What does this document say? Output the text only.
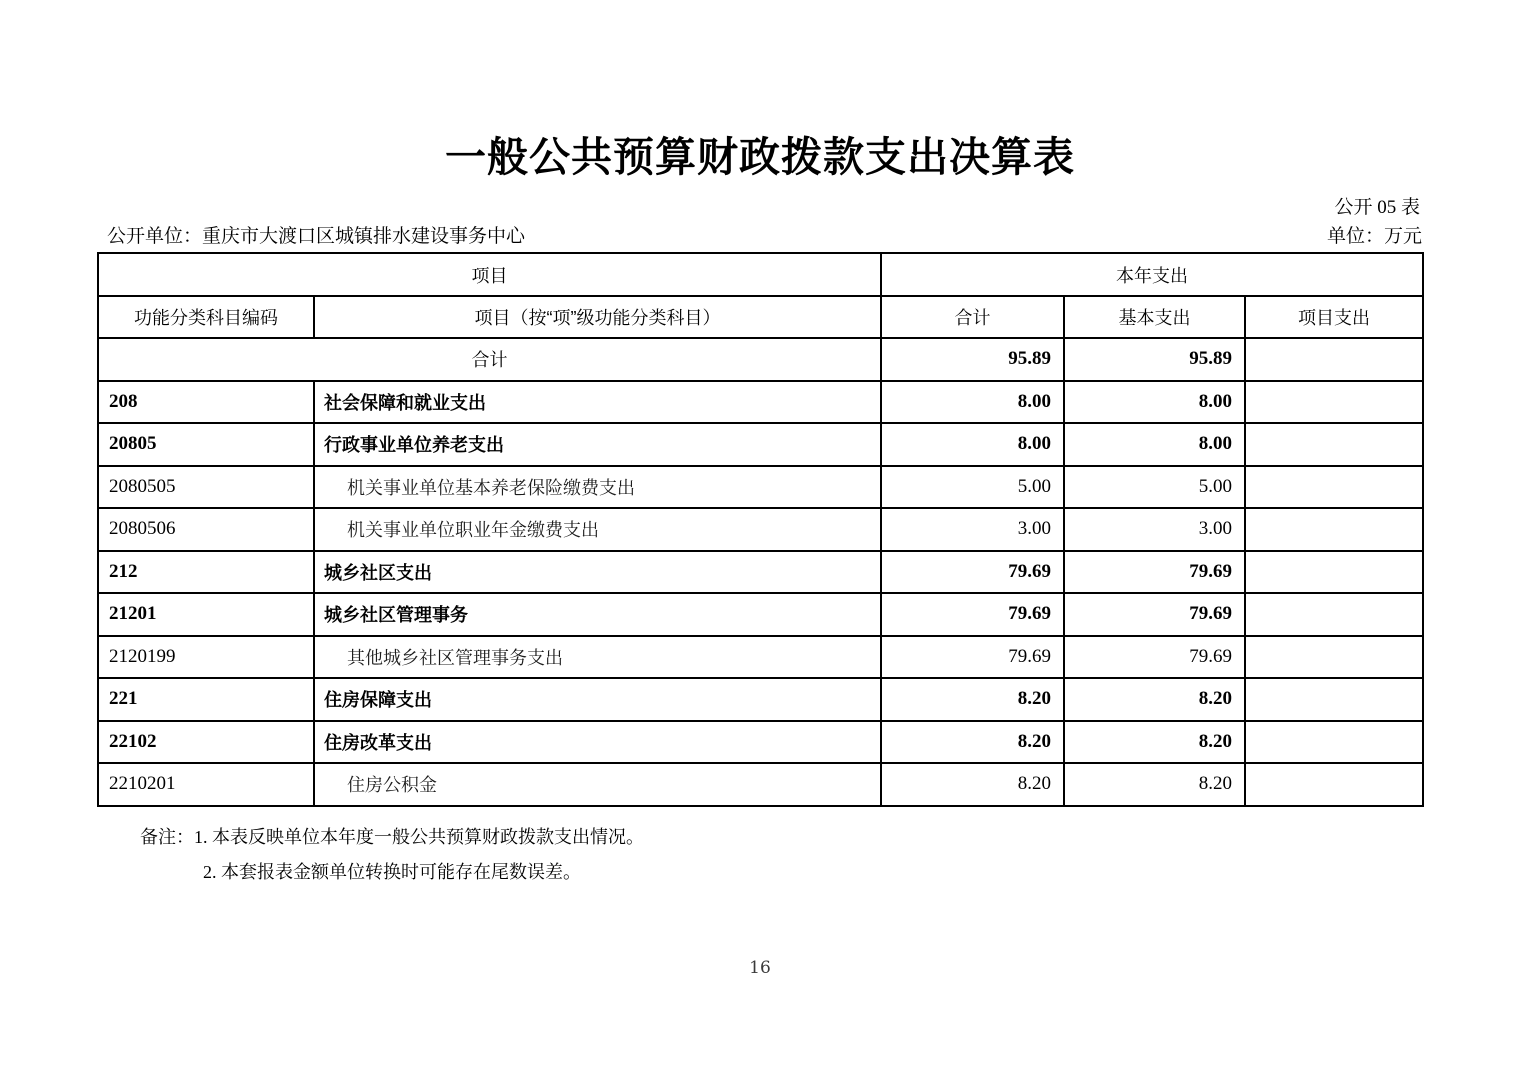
一般公共预算财政拨款支出决算表
公开 05 表
公开单位：重庆市大渡口区城镇排水建设事务中心	单位：万元
项目		本年支出		
功能分类科目编码	项目（按“项”级功能分类科目）	合计	基本支出	项目支出
合计		95.89	95.89	
208	社会保障和就业支出	8.00	8.00	
20805	行政事业单位养老支出	8.00	8.00	
2080505	机关事业单位基本养老保险缴费支出	5.00	5.00	
2080506	机关事业单位职业年金缴费支出	3.00	3.00	
212	城乡社区支出	79.69	79.69	
21201	城乡社区管理事务	79.69	79.69	
2120199	其他城乡社区管理事务支出	79.69	79.69	
221	住房保障支出	8.20	8.20	
22102	住房改革支出	8.20	8.20	
2210201	住房公积金	8.20	8.20	
备注：1. 本表反映单位本年度一般公共预算财政拨款支出情况。
2. 本套报表金额单位转换时可能存在尾数误差。
16
